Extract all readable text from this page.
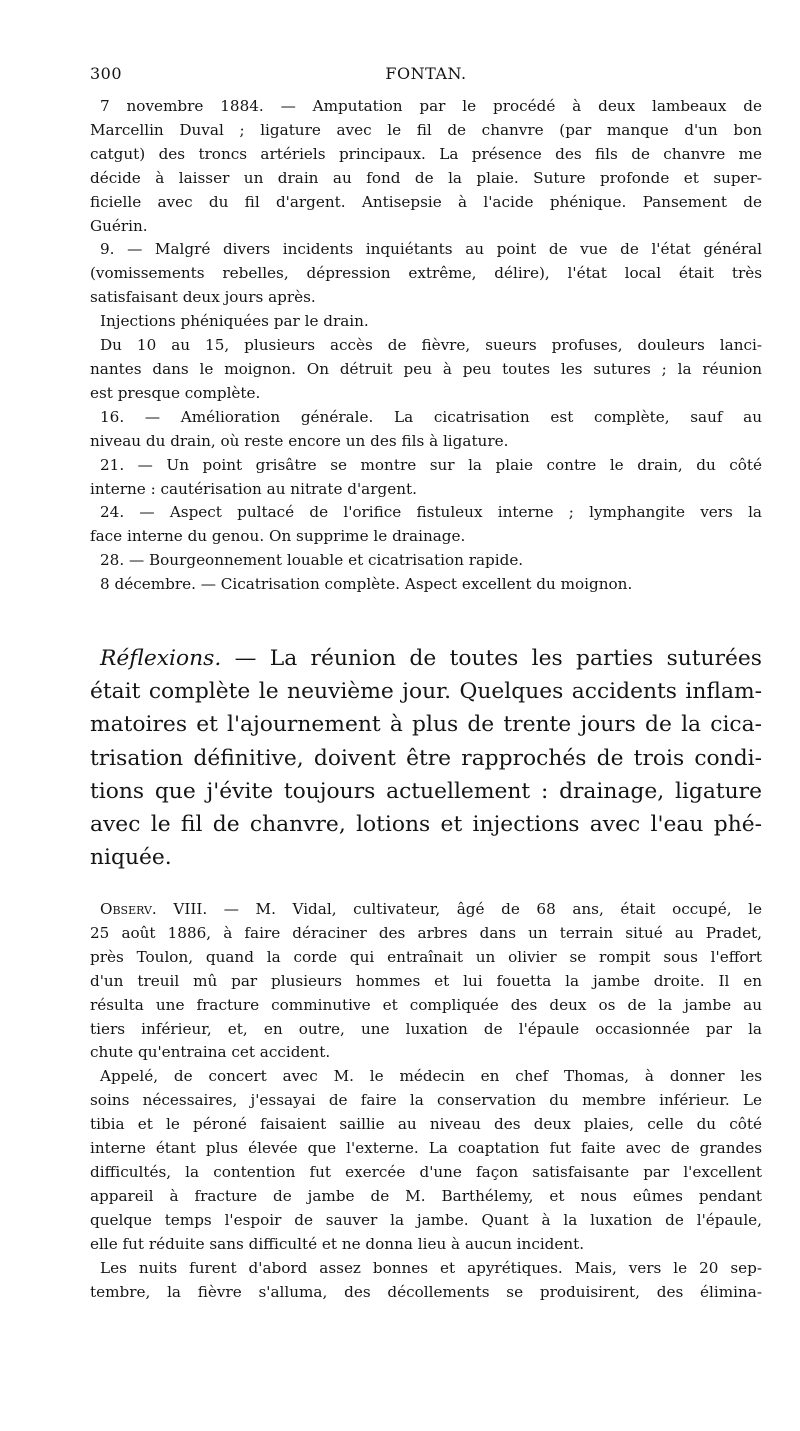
300	FONTAN.
7 novembre 1884. — Amputation par le procédé à deux lambeaux de
Marcellin Duval ; ligature avec le fil de chanvre (par manque d'un bon
catgut) des troncs artériels principaux. La présence des fils de chanvre me
décide à laisser un drain au fond de la plaie. Suture profonde et super-
ficielle avec du fil d'argent. Antisepsie à l'acide phénique. Pansement de
Guérin.
9. — Malgré divers incidents inquiétants au point de vue de l'état général
(vomissements rebelles, dépression extrême, délire), l'état local était très
satisfaisant deux jours après.
Injections phéniquées par le drain.
Du 10 au 15, plusieurs accès de fièvre, sueurs profuses, douleurs lanci-
nantes dans le moignon. On détruit peu à peu toutes les sutures ; la réunion
est presque complète.
16. — Amélioration générale. La cicatrisation est complète, sauf au
niveau du drain, où reste encore un des fils à ligature.
21. — Un point grisâtre se montre sur la plaie contre le drain, du côté
interne : cautérisation au nitrate d'argent.
24. — Aspect pultacé de l'orifice fistuleux interne ; lymphangite vers la
face interne du genou. On supprime le drainage.
28. — Bourgeonnement louable et cicatrisation rapide.
8 décembre. — Cicatrisation complète. Aspect excellent du moignon.
Réflexions. — La réunion de toutes les parties suturées
était complète le neuvième jour. Quelques accidents inflam-
matoires et l'ajournement à plus de trente jours de la cica-
trisation définitive, doivent être rapprochés de trois condi-
tions que j'évite toujours actuellement : drainage, ligature
avec le fil de chanvre, lotions et injections avec l'eau phé-
niquée.
Observ. VIII. — M. Vidal, cultivateur, âgé de 68 ans, était occupé, le
25 août 1886, à faire déraciner des arbres dans un terrain situé au Pradet,
près Toulon, quand la corde qui entraînait un olivier se rompit sous l'effort
d'un treuil mû par plusieurs hommes et lui fouetta la jambe droite. Il en
résulta une fracture comminutive et compliquée des deux os de la jambe au
tiers inférieur, et, en outre, une luxation de l'épaule occasionnée par la
chute qu'entraina cet accident.
Appelé, de concert avec M. le médecin en chef Thomas, à donner les
soins nécessaires, j'essayai de faire la conservation du membre inférieur. Le
tibia et le péroné faisaient saillie au niveau des deux plaies, celle du côté
interne étant plus élevée que l'externe. La coaptation fut faite avec de grandes
difficultés, la contention fut exercée d'une façon satisfaisante par l'excellent
appareil à fracture de jambe de M. Barthélemy, et nous eûmes pendant
quelque temps l'espoir de sauver la jambe. Quant à la luxation de l'épaule,
elle fut réduite sans difficulté et ne donna lieu à aucun incident.
Les nuits furent d'abord assez bonnes et apyrétiques. Mais, vers le 20 sep-
tembre, la fièvre s'alluma, des décollements se produisirent, des élimina-
